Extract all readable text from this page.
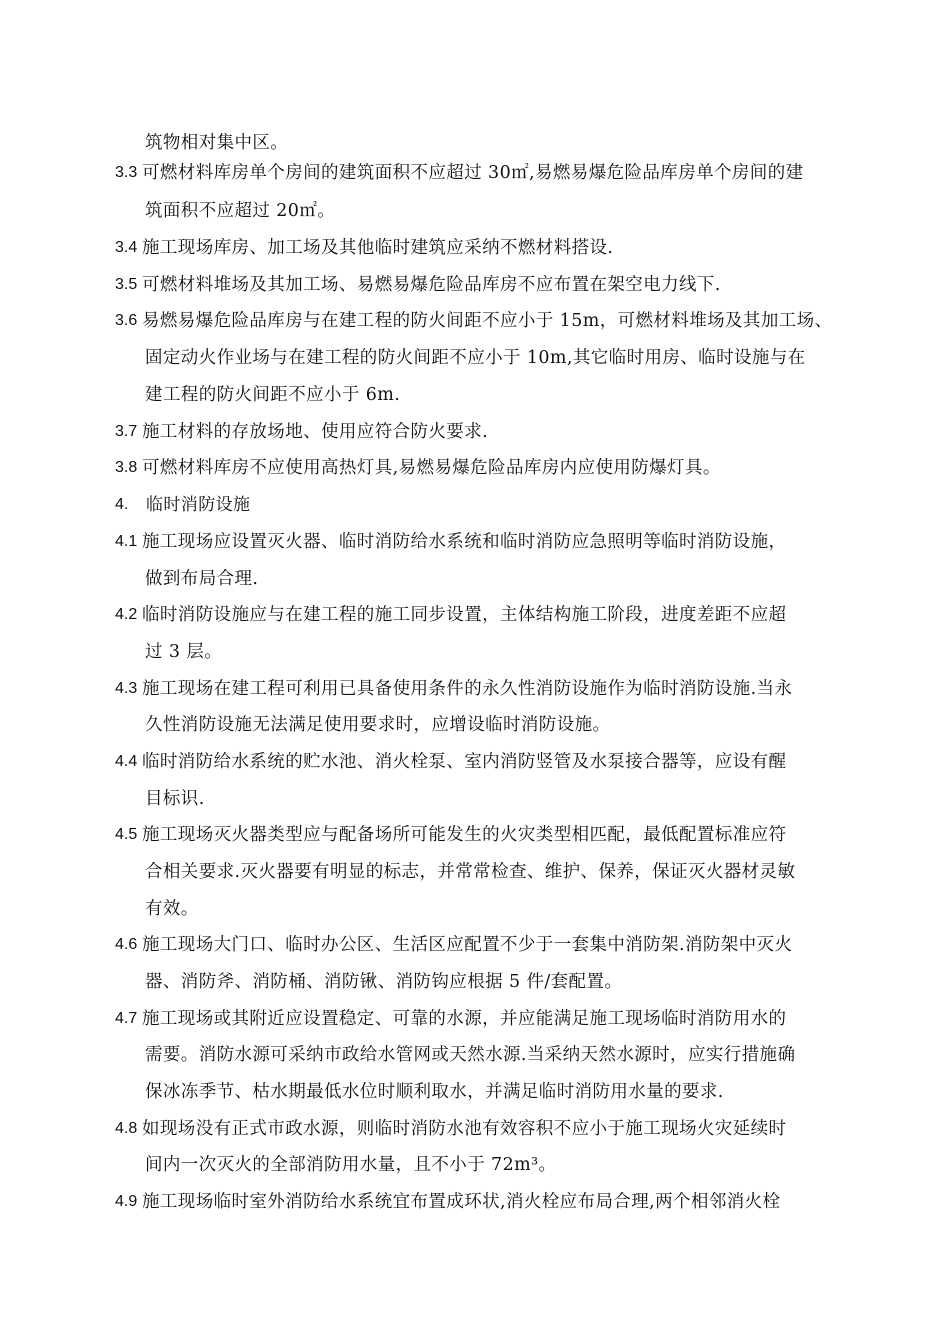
筑物相对集中区。
3.3 可燃材料库房单个房间的建筑面积不应超过 30㎡,易燃易爆危险品库房单个房间的建
筑面积不应超过 20㎡。
3.4 施工现场库房、加工场及其他临时建筑应采纳不燃材料搭设.
3.5 可燃材料堆场及其加工场、易燃易爆危险品库房不应布置在架空电力线下.
3.6 易燃易爆危险品库房与在建工程的防火间距不应小于 15m，可燃材料堆场及其加工场、
固定动火作业场与在建工程的防火间距不应小于 10m,其它临时用房、临时设施与在
建工程的防火间距不应小于 6m.
3.7 施工材料的存放场地、使用应符合防火要求.
3.8 可燃材料库房不应使用高热灯具,易燃易爆危险品库房内应使用防爆灯具。
4. 临时消防设施
4.1 施工现场应设置灭火器、临时消防给水系统和临时消防应急照明等临时消防设施，
做到布局合理.
4.2 临时消防设施应与在建工程的施工同步设置，主体结构施工阶段，进度差距不应超
过 3 层。
4.3 施工现场在建工程可利用已具备使用条件的永久性消防设施作为临时消防设施.当永
久性消防设施无法满足使用要求时，应增设临时消防设施。
4.4 临时消防给水系统的贮水池、消火栓泵、室内消防竖管及水泵接合器等，应设有醒
目标识.
4.5 施工现场灭火器类型应与配备场所可能发生的火灾类型相匹配，最低配置标准应符
合相关要求.灭火器要有明显的标志，并常常检查、维护、保养，保证灭火器材灵敏
有效。
4.6 施工现场大门口、临时办公区、生活区应配置不少于一套集中消防架.消防架中灭火
器、消防斧、消防桶、消防锹、消防钩应根据 5 件/套配置。
4.7 施工现场或其附近应设置稳定、可靠的水源，并应能满足施工现场临时消防用水的
需要。消防水源可采纳市政给水管网或天然水源.当采纳天然水源时，应实行措施确
保冰冻季节、枯水期最低水位时顺利取水，并满足临时消防用水量的要求.
4.8 如现场没有正式市政水源，则临时消防水池有效容积不应小于施工现场火灾延续时
间内一次灭火的全部消防用水量，且不小于 72m³。
4.9 施工现场临时室外消防给水系统宜布置成环状,消火栓应布局合理,两个相邻消火栓
